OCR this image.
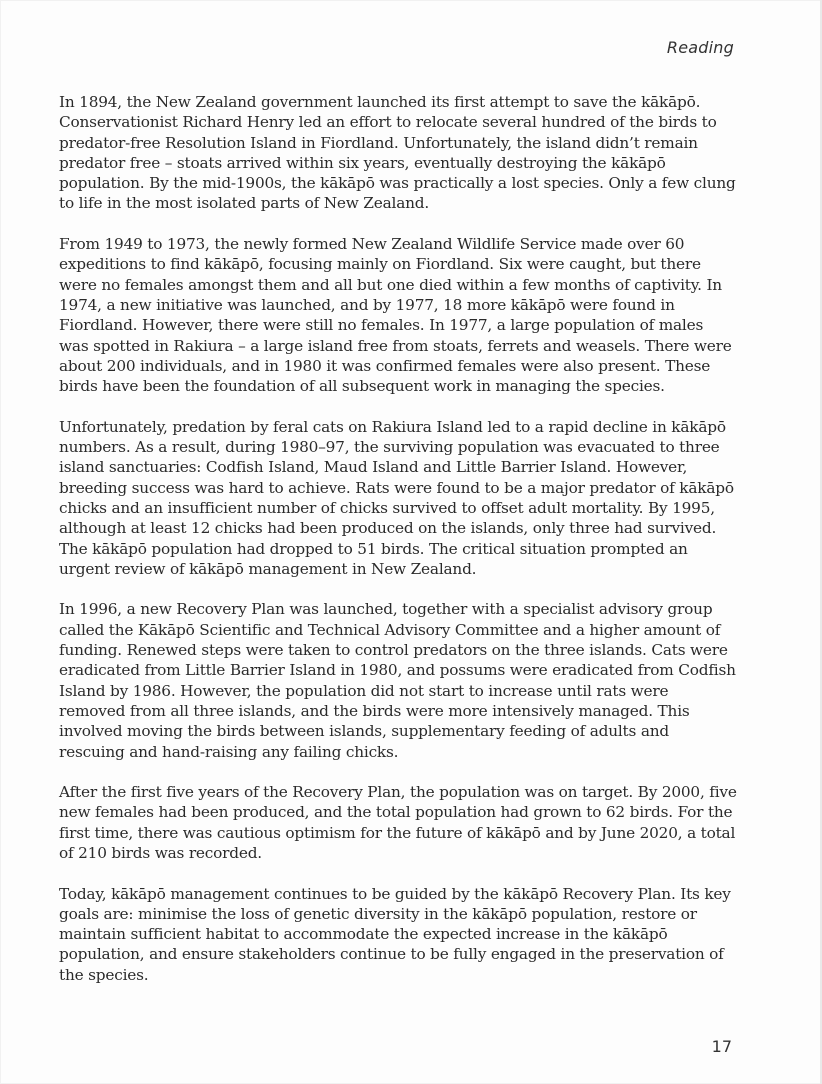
Reading

In 1894, the New Zealand government launched its first attempt to save the kākāpō. Conservationist Richard Henry led an effort to relocate several hundred of the birds to predator-free Resolution Island in Fiordland. Unfortunately, the island didn’t remain predator free – stoats arrived within six years, eventually destroying the kākāpō population. By the mid-1900s, the kākāpō was practically a lost species. Only a few clung to life in the most isolated parts of New Zealand.

From 1949 to 1973, the newly formed New Zealand Wildlife Service made over 60 expeditions to find kākāpō, focusing mainly on Fiordland. Six were caught, but there were no females amongst them and all but one died within a few months of captivity. In 1974, a new initiative was launched, and by 1977, 18 more kākāpō were found in Fiordland. However, there were still no females. In 1977, a large population of males was spotted in Rakiura – a large island free from stoats, ferrets and weasels. There were about 200 individuals, and in 1980 it was confirmed females were also present. These birds have been the foundation of all subsequent work in managing the species.

Unfortunately, predation by feral cats on Rakiura Island led to a rapid decline in kākāpō numbers. As a result, during 1980–97, the surviving population was evacuated to three island sanctuaries: Codfish Island, Maud Island and Little Barrier Island. However, breeding success was hard to achieve. Rats were found to be a major predator of kākāpō chicks and an insufficient number of chicks survived to offset adult mortality. By 1995, although at least 12 chicks had been produced on the islands, only three had survived. The kākāpō population had dropped to 51 birds. The critical situation prompted an urgent review of kākāpō management in New Zealand.

In 1996, a new Recovery Plan was launched, together with a specialist advisory group called the Kākāpō Scientific and Technical Advisory Committee and a higher amount of funding. Renewed steps were taken to control predators on the three islands. Cats were eradicated from Little Barrier Island in 1980, and possums were eradicated from Codfish Island by 1986. However, the population did not start to increase until rats were removed from all three islands, and the birds were more intensively managed. This involved moving the birds between islands, supplementary feeding of adults and rescuing and hand-raising any failing chicks.

After the first five years of the Recovery Plan, the population was on target. By 2000, five new females had been produced, and the total population had grown to 62 birds. For the first time, there was cautious optimism for the future of kākāpō and by June 2020, a total of 210 birds was recorded.

Today, kākāpō management continues to be guided by the kākāpō Recovery Plan. Its key goals are: minimise the loss of genetic diversity in the kākāpō population, restore or maintain sufficient habitat to accommodate the expected increase in the kākāpō population, and ensure stakeholders continue to be fully engaged in the preservation of the species.

17
